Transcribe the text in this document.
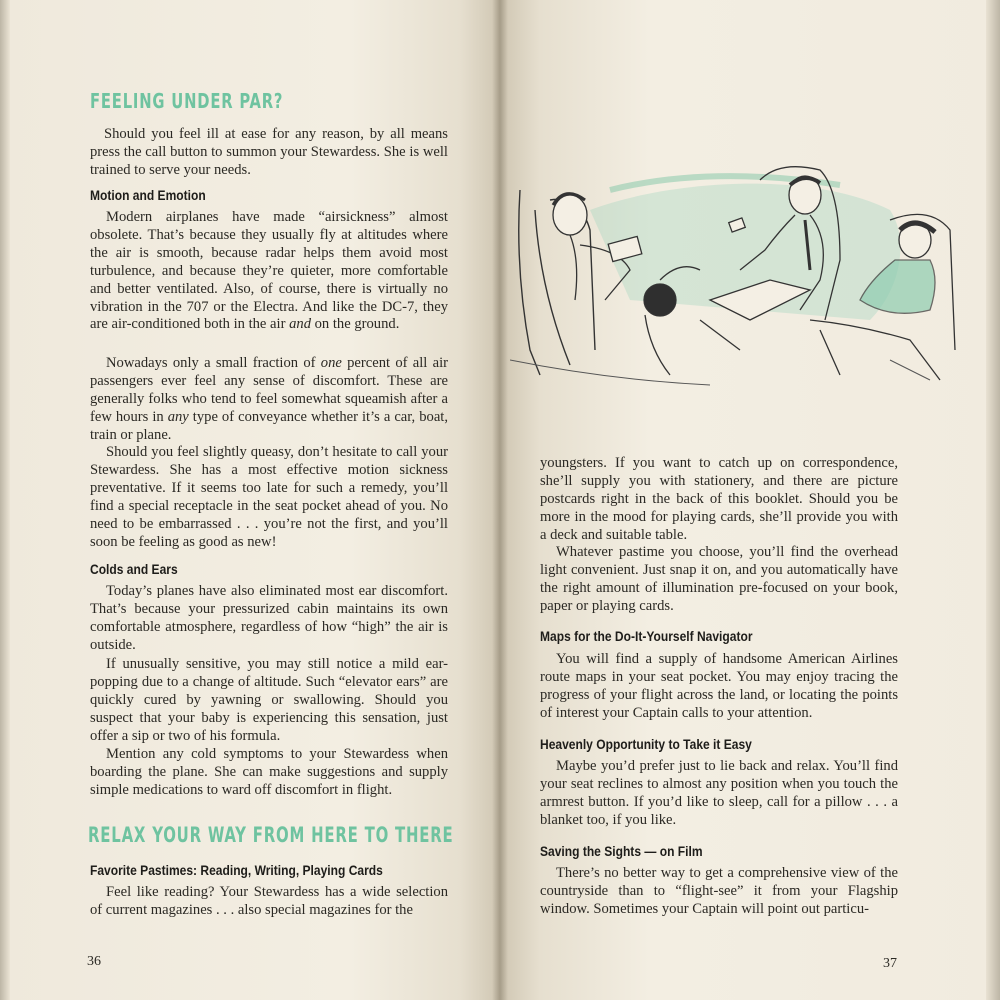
FEELING UNDER PAR?

Should you feel ill at ease for any reason, by all means press the call button to summon your Stewardess. She is well trained to serve your needs.

Motion and Emotion

Modern airplanes have made “airsickness” almost obsolete. That’s because they usually fly at altitudes where the air is smooth, because radar helps them avoid most turbulence, and because they’re quieter, more comfortable and better ventilated. Also, of course, there is virtually no vibration in the 707 or the Electra. And like the DC-7, they are air-conditioned both in the air and on the ground.

Nowadays only a small fraction of one percent of all air passengers ever feel any sense of discomfort. These are generally folks who tend to feel somewhat squeamish after a few hours in any type of conveyance whether it’s a car, boat, train or plane.

Should you feel slightly queasy, don’t hesitate to call your Stewardess. She has a most effective motion sickness preventative. If it seems too late for such a remedy, you’ll find a special receptacle in the seat pocket ahead of you. No need to be embarrassed . . . you’re not the first, and you’ll soon be feeling as good as new!

Colds and Ears

Today’s planes have also eliminated most ear discomfort. That’s because your pressurized cabin maintains its own comfortable atmosphere, regardless of how “high” the air is outside.

If unusually sensitive, you may still notice a mild ear-popping due to a change of altitude. Such “elevator ears” are quickly cured by yawning or swallowing. Should you suspect that your baby is experiencing this sensation, just offer a sip or two of his formula.

Mention any cold symptoms to your Stewardess when boarding the plane. She can make suggestions and supply simple medications to ward off discomfort in flight.

RELAX YOUR WAY FROM HERE TO THERE
Favorite Pastimes: Reading, Writing, Playing Cards

Feel like reading? Your Stewardess has a wide selection of current magazines . . . also special magazines for the

36

youngsters. If you want to catch up on correspondence, she’ll supply you with stationery, and there are picture postcards right in the back of this booklet. Should you be more in the mood for playing cards, she’ll provide you with a deck and suitable table.

Whatever pastime you choose, you’ll find the overhead light convenient. Just snap it on, and you automatically have the right amount of illumination pre-focused on your book, paper or playing cards.

Maps for the Do-It-Yourself Navigator

You will find a supply of handsome American Airlines route maps in your seat pocket. You may enjoy tracing the progress of your flight across the land, or locating the points of interest your Captain calls to your attention.

Heavenly Opportunity to Take it Easy

Maybe you’d prefer just to lie back and relax. You’ll find your seat reclines to almost any position when you touch the armrest button. If you’d like to sleep, call for a pillow . . . a blanket too, if you like.

Saving the Sights — on Film

There’s no better way to get a comprehensive view of the countryside than to “flight-see” it from your Flagship window. Sometimes your Captain will point out particu-

37
